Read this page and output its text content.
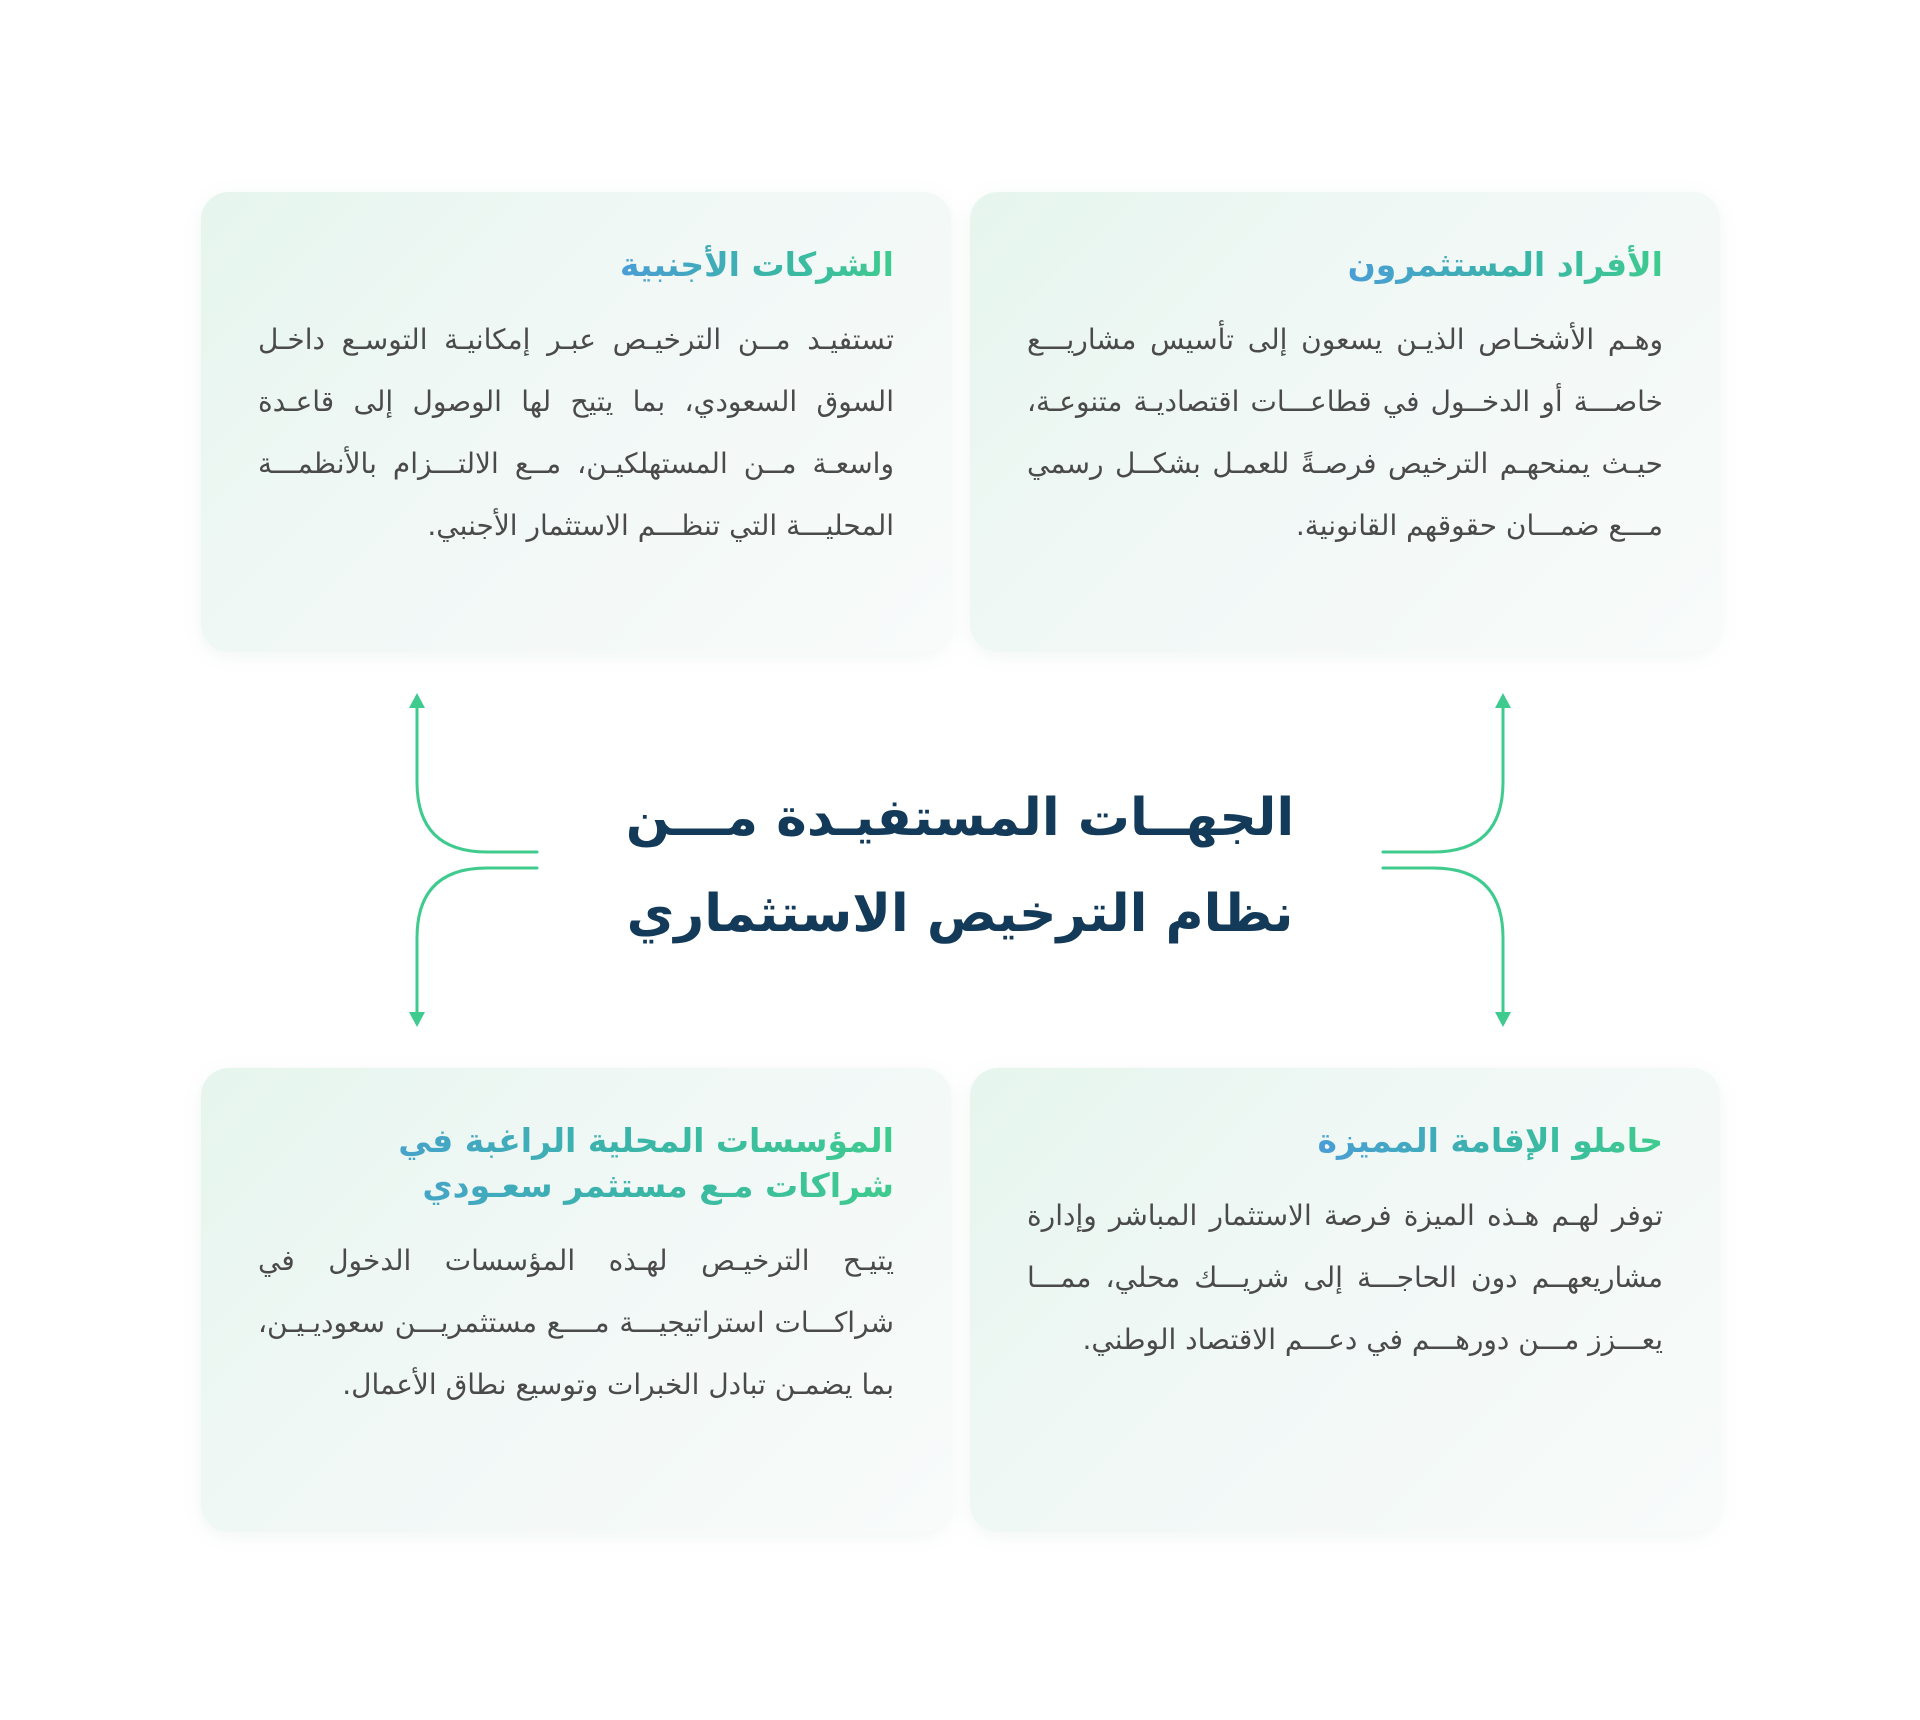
الأفراد المستثمرون

وهـم الأشخـاص الذيـن يسعون إلى تأسيس مشاريـــع خاصـــة أو الدخــول في قطاعـــات اقتصاديـة متنوعـة، حيـث يمنحهـم الترخيص فرصـةً للعمـل بشكــل رسمي مـــع ضمـــان حقوقهم القانونية.

الشركات الأجنبية

تستفيـد مــن الترخيـص عبـر إمكانيـة التوسـع داخـل السوق السعودي، بما يتيح لها الوصول إلى قاعـدة واسعـة مــن المستهلكيـن، مــع الالتـــزام بالأنظمـــة المحليـــة التي تنظـــم الاستثمار الأجنبي.

حاملو الإقامة المميزة

توفر لهـم هـذه الميزة فرصة الاستثمار المباشر وإدارة مشاريعهــم دون الحاجـــة إلى شريـــك محلي، ممـــا يعـــزز مـــن دورهـــم في دعـــم الاقتصاد الوطني.

المؤسسات المحلية الراغبة في شراكات مـع مستثمر سعـودي

يتيـح الترخيـص لهـذه المؤسسات الدخول في شراكـــات استراتيجيـــة مــــع مستثمريـــن سعوديـيـن، بما يضمـن تبادل الخبرات وتوسيع نطاق الأعمال.

الجهــات المستفيـدة مـــن
نظام الترخيص الاستثماري
